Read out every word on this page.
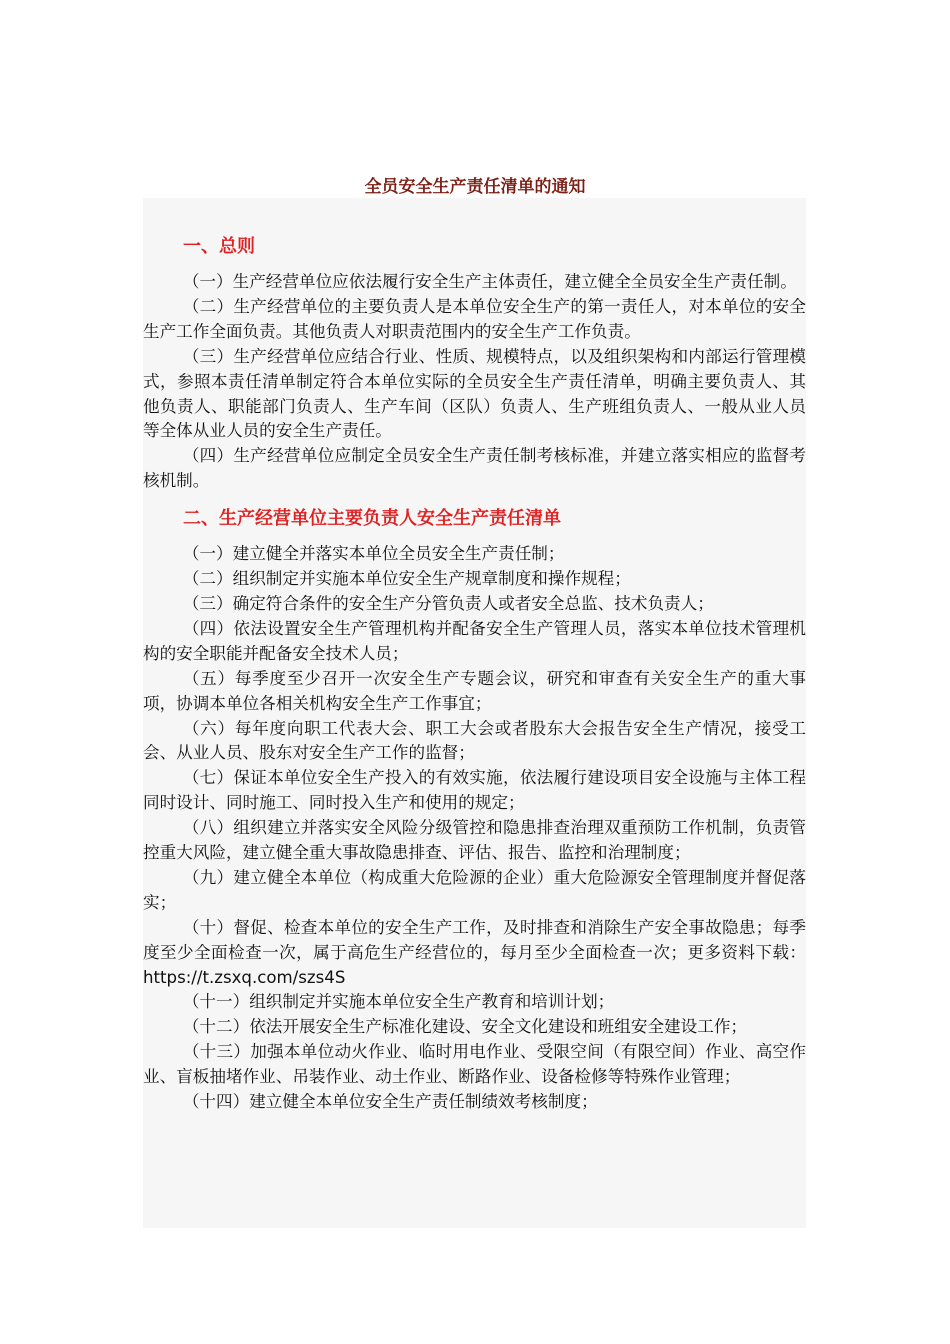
全员安全生产责任清单的通知
一、总则

（一）生产经营单位应依法履行安全生产主体责任，建立健全全员安全生产责任制。

（二）生产经营单位的主要负责人是本单位安全生产的第一责任人，对本单位的安全生产工作全面负责。其他负责人对职责范围内的安全生产工作负责。

（三）生产经营单位应结合行业、性质、规模特点，以及组织架构和内部运行管理模式，参照本责任清单制定符合本单位实际的全员安全生产责任清单，明确主要负责人、其他负责人、职能部门负责人、生产车间（区队）负责人、生产班组负责人、一般从业人员等全体从业人员的安全生产责任。

（四）生产经营单位应制定全员安全生产责任制考核标准，并建立落实相应的监督考核机制。

二、生产经营单位主要负责人安全生产责任清单

（一）建立健全并落实本单位全员安全生产责任制；

（二）组织制定并实施本单位安全生产规章制度和操作规程；

（三）确定符合条件的安全生产分管负责人或者安全总监、技术负责人；

（四）依法设置安全生产管理机构并配备安全生产管理人员，落实本单位技术管理机构的安全职能并配备安全技术人员；

（五）每季度至少召开一次安全生产专题会议，研究和审查有关安全生产的重大事项，协调本单位各相关机构安全生产工作事宜；

（六）每年度向职工代表大会、职工大会或者股东大会报告安全生产情况，接受工会、从业人员、股东对安全生产工作的监督；

（七）保证本单位安全生产投入的有效实施，依法履行建设项目安全设施与主体工程同时设计、同时施工、同时投入生产和使用的规定；

（八）组织建立并落实安全风险分级管控和隐患排查治理双重预防工作机制，负责管控重大风险，建立健全重大事故隐患排查、评估、报告、监控和治理制度；

（九）建立健全本单位（构成重大危险源的企业）重大危险源安全管理制度并督促落实；

（十）督促、检查本单位的安全生产工作，及时排查和消除生产安全事故隐患；每季度至少全面检查一次，属于高危生产经营位的，每月至少全面检查一次；更多资料下载：https://t.zsxq.com/szs4S

（十一）组织制定并实施本单位安全生产教育和培训计划；

（十二）依法开展安全生产标准化建设、安全文化建设和班组安全建设工作；

（十三）加强本单位动火作业、临时用电作业、受限空间（有限空间）作业、高空作业、盲板抽堵作业、吊装作业、动土作业、断路作业、设备检修等特殊作业管理；

（十四）建立健全本单位安全生产责任制绩效考核制度；
